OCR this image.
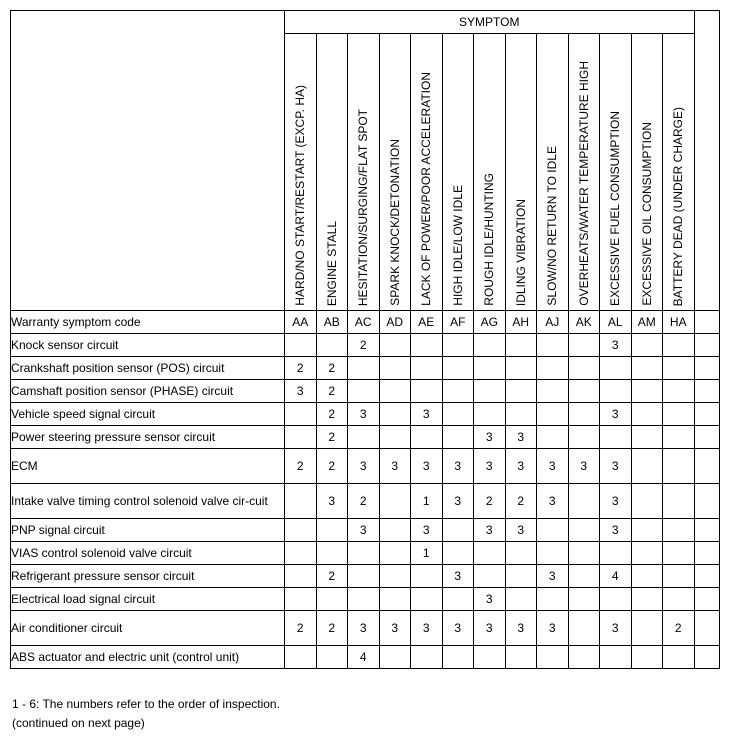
	SYMPTOM													

	HARD/NO START/RESTART (EXCP. HA)	ENGINE STALL	HESITATION/SURGING/FLAT SPOT	SPARK KNOCK/DETONATION	LACK OF POWER/POOR ACCELERATION	HIGH IDLE/LOW IDLE	ROUGH IDLE/HUNTING	IDLING VIBRATION	SLOW/NO RETURN TO IDLE	OVERHEATS/WATER TEMPERATURE HIGH	EXCESSIVE FUEL CONSUMPTION	EXCESSIVE OIL CONSUMPTION	BATTERY DEAD (UNDER CHARGE)	

Warranty symptom code	AA	AB	AC	AD	AE	AF	AG	AH	AJ	AK	AL	AM	HA	
Knock sensor circuit			2								3			
Crankshaft position sensor (POS) circuit	2	2												
Camshaft position sensor (PHASE) circuit	3	2												
Vehicle speed signal circuit		2	3		3						3			
Power steering pressure sensor circuit		2					3	3						
ECM	2	2	3	3	3	3	3	3	3	3	3			
Intake valve timing control solenoid valve cir-cuit		3	2		1	3	2	2	3		3			
PNP signal circuit			3		3		3	3			3			
VIAS control solenoid valve circuit					1									
Refrigerant pressure sensor circuit		2				3			3		4			
Electrical load signal circuit							3							
Air conditioner circuit	2	2	3	3	3	3	3	3	3		3		2	
ABS actuator and electric unit (control unit)			4											
1 - 6: The numbers refer to the order of inspection.
(continued on next page)
